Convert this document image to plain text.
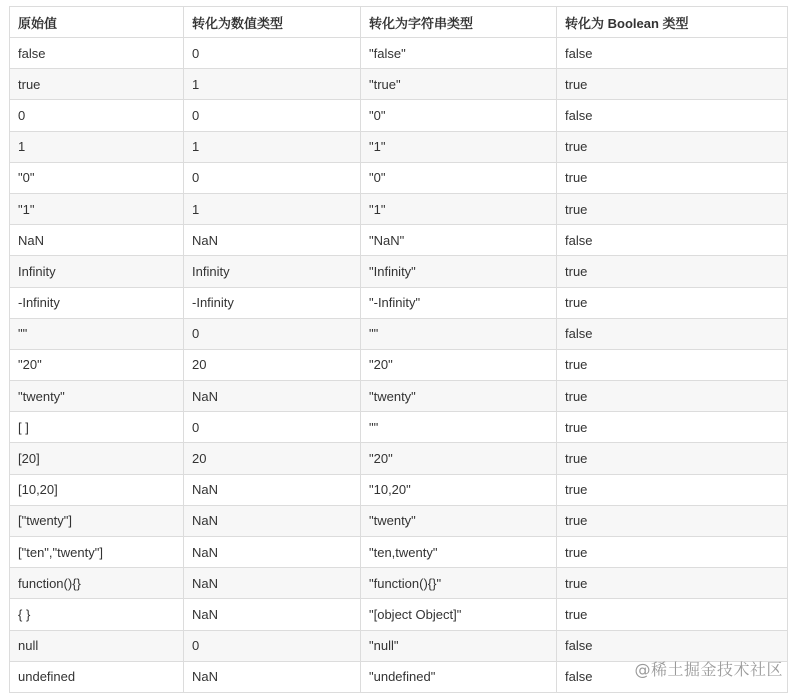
原始值	转化为数值类型	转化为字符串类型	转化为 Boolean 类型
false	0	"false"	false
true	1	"true"	true
0	0	"0"	false
1	1	"1"	true
"0"	0	"0"	true
"1"	1	"1"	true
NaN	NaN	"NaN"	false
Infinity	Infinity	"Infinity"	true
-Infinity	-Infinity	"-Infinity"	true
""	0	""	false
"20"	20	"20"	true
"twenty"	NaN	"twenty"	true
[ ]	0	""	true
[20]	20	"20"	true
[10,20]	NaN	"10,20"	true
["twenty"]	NaN	"twenty"	true
["ten","twenty"]	NaN	"ten,twenty"	true
function(){}	NaN	"function(){}"	true
{ }	NaN	"[object Object]"	true
null	0	"null"	false
undefined	NaN	"undefined"	false	@稀土掘金技术社区
